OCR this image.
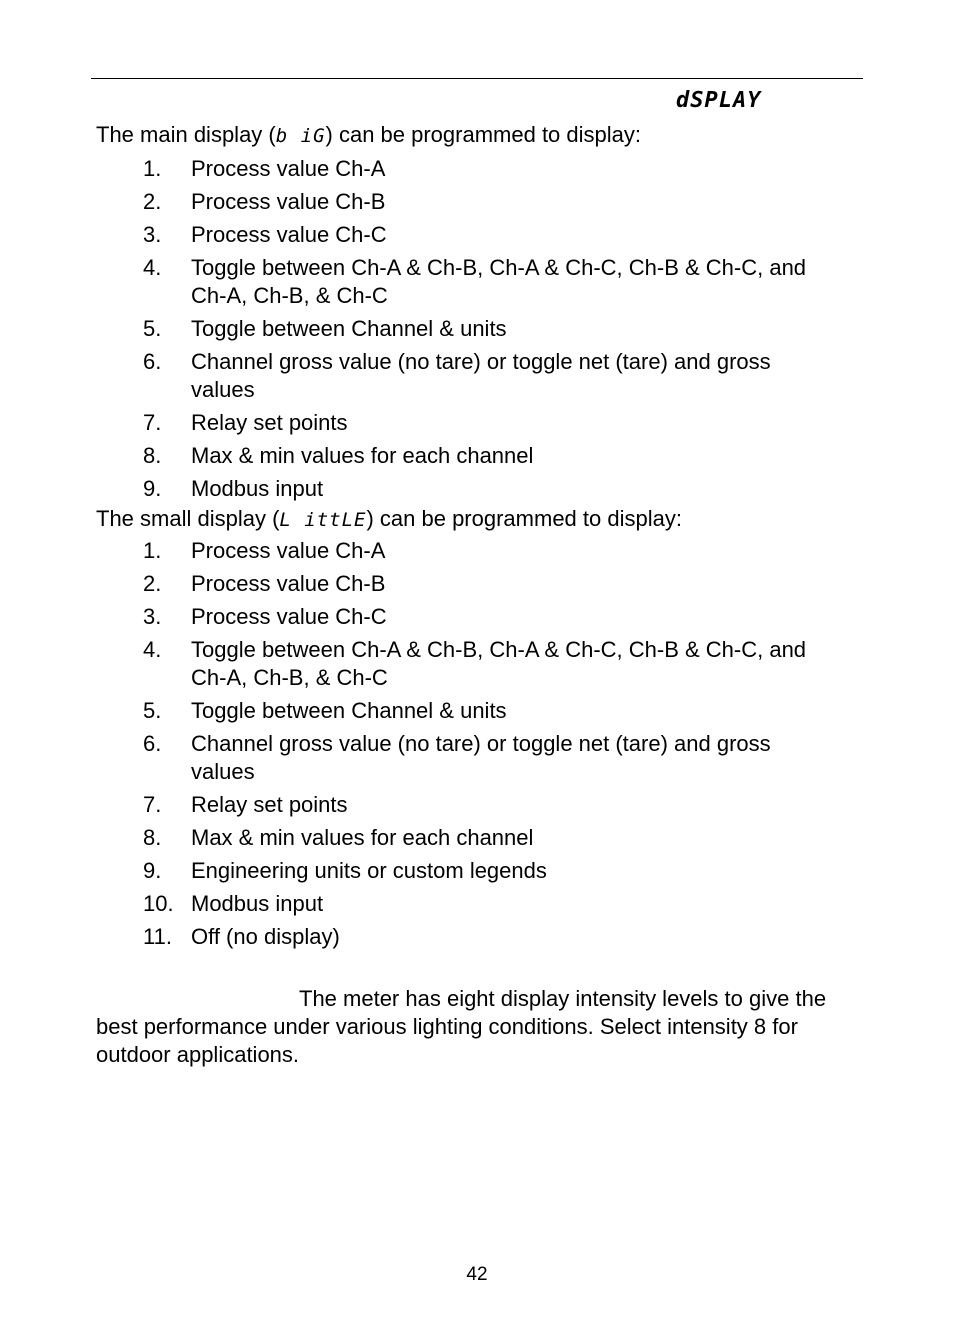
dSPLAY

The main display (b iG) can be programmed to display:

1. Process value Ch-A
2. Process value Ch-B
3. Process value Ch-C
4. Toggle between Ch-A & Ch-B, Ch-A & Ch-C, Ch-B & Ch-C, and Ch-A, Ch-B, & Ch-C
5. Toggle between Channel & units
6. Channel gross value (no tare) or toggle net (tare) and gross values
7. Relay set points
8. Max & min values for each channel
9. Modbus input

The small display (L ittLE) can be programmed to display:

1. Process value Ch-A
2. Process value Ch-B
3. Process value Ch-C
4. Toggle between Ch-A & Ch-B, Ch-A & Ch-C, Ch-B & Ch-C, and Ch-A, Ch-B, & Ch-C
5. Toggle between Channel & units
6. Channel gross value (no tare) or toggle net (tare) and gross values
7. Relay set points
8. Max & min values for each channel
9. Engineering units or custom legends
10. Modbus input
11. Off (no display)

The meter has eight display intensity levels to give the best performance under various lighting conditions. Select intensity 8 for outdoor applications.

42
